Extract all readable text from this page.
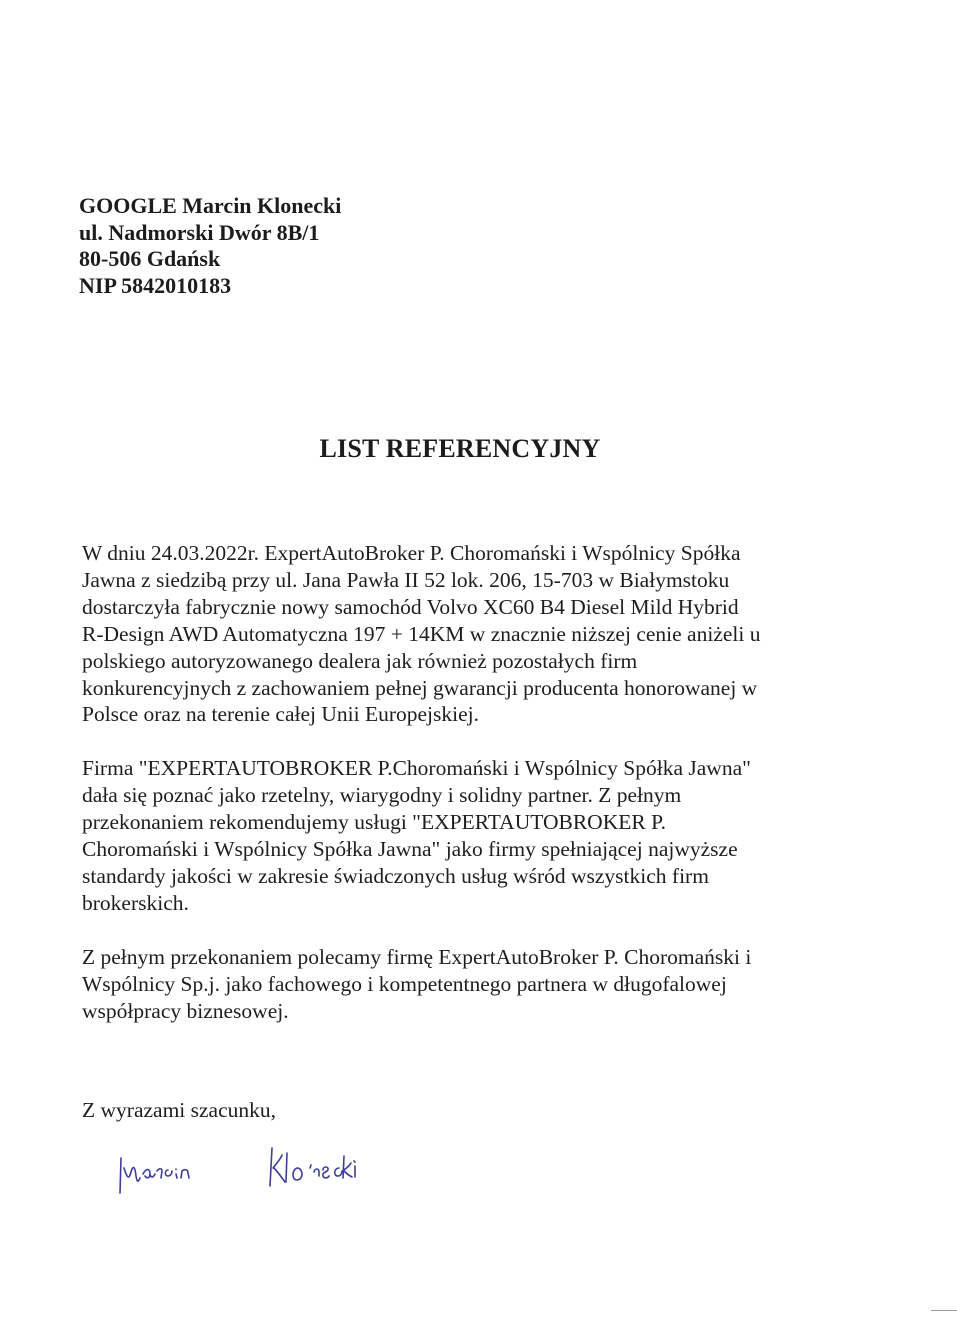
GOOGLE Marcin Klonecki
ul. Nadmorski Dwór 8B/1
80-506 Gdańsk
NIP 5842010183
LIST REFERENCYJNY

W dniu 24.03.2022r. ExpertAutoBroker P. Choromański i Wspólnicy Spółka
Jawna z siedzibą przy ul. Jana Pawła II 52 lok. 206, 15-703 w Białymstoku
dostarczyła fabrycznie nowy samochód Volvo XC60 B4 Diesel Mild Hybrid
R-Design AWD Automatyczna 197 + 14KM w znacznie niższej cenie aniżeli u
polskiego autoryzowanego dealera jak również pozostałych firm
konkurencyjnych z zachowaniem pełnej gwarancji producenta honorowanej w
Polsce oraz na terenie całej Unii Europejskiej.

Firma "EXPERTAUTOBROKER P.Choromański i Wspólnicy Spółka Jawna"
dała się poznać jako rzetelny, wiarygodny i solidny partner. Z pełnym
przekonaniem rekomendujemy usługi "EXPERTAUTOBROKER P.
Choromański i Wspólnicy Spółka Jawna" jako firmy spełniającej najwyższe
standardy jakości w zakresie świadczonych usług wśród wszystkich firm
brokerskich.

Z pełnym przekonaniem polecamy firmę ExpertAutoBroker P. Choromański i
Wspólnicy Sp.j. jako fachowego i kompetentnego partnera w długofalowej
współpracy biznesowej.

Z wyrazami szacunku,
